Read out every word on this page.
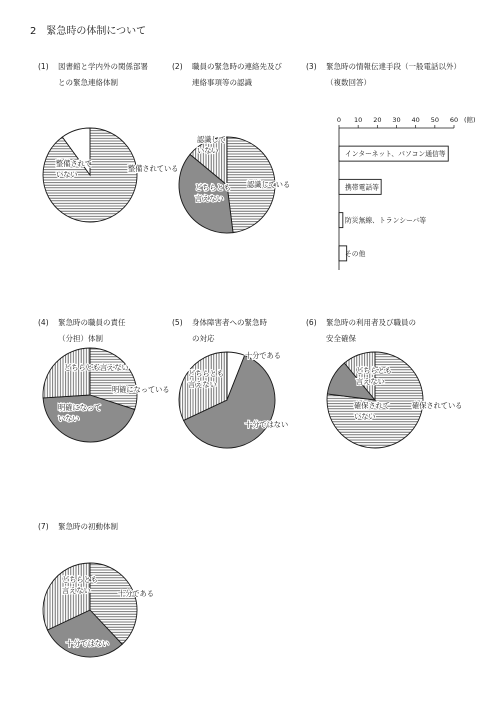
2　緊急時の体制について
(1) 図書館と学内外の関係部署
との緊急連絡体制
(2) 職員の緊急時の連絡先及び
連絡事項等の認識
(3) 緊急時の情報伝達手段（一般電話以外）
（複数回答）
(4) 緊急時の職員の責任
（分担）体制
(5) 身体障害者への緊急時
の対応
(6) 緊急時の利用者及び職員の
安全確保
(7) 緊急時の初動体制
整備されている
整備されて
いない
認識している
どちらとも
言えない
認識して
いない
明確になっている
明確になって
いない
どちらとも言えない
十分である
十分ではない
どちらとも
言えない
確保されている
確保されて
いない
どちらとも
言えない
十分である
十分ではない
どちらとも
言えない
0 10 20 30 40 50 60 (館)
インターネット、パソコン通信等
携帯電話等
防災無線、トランシーバ等
その他
